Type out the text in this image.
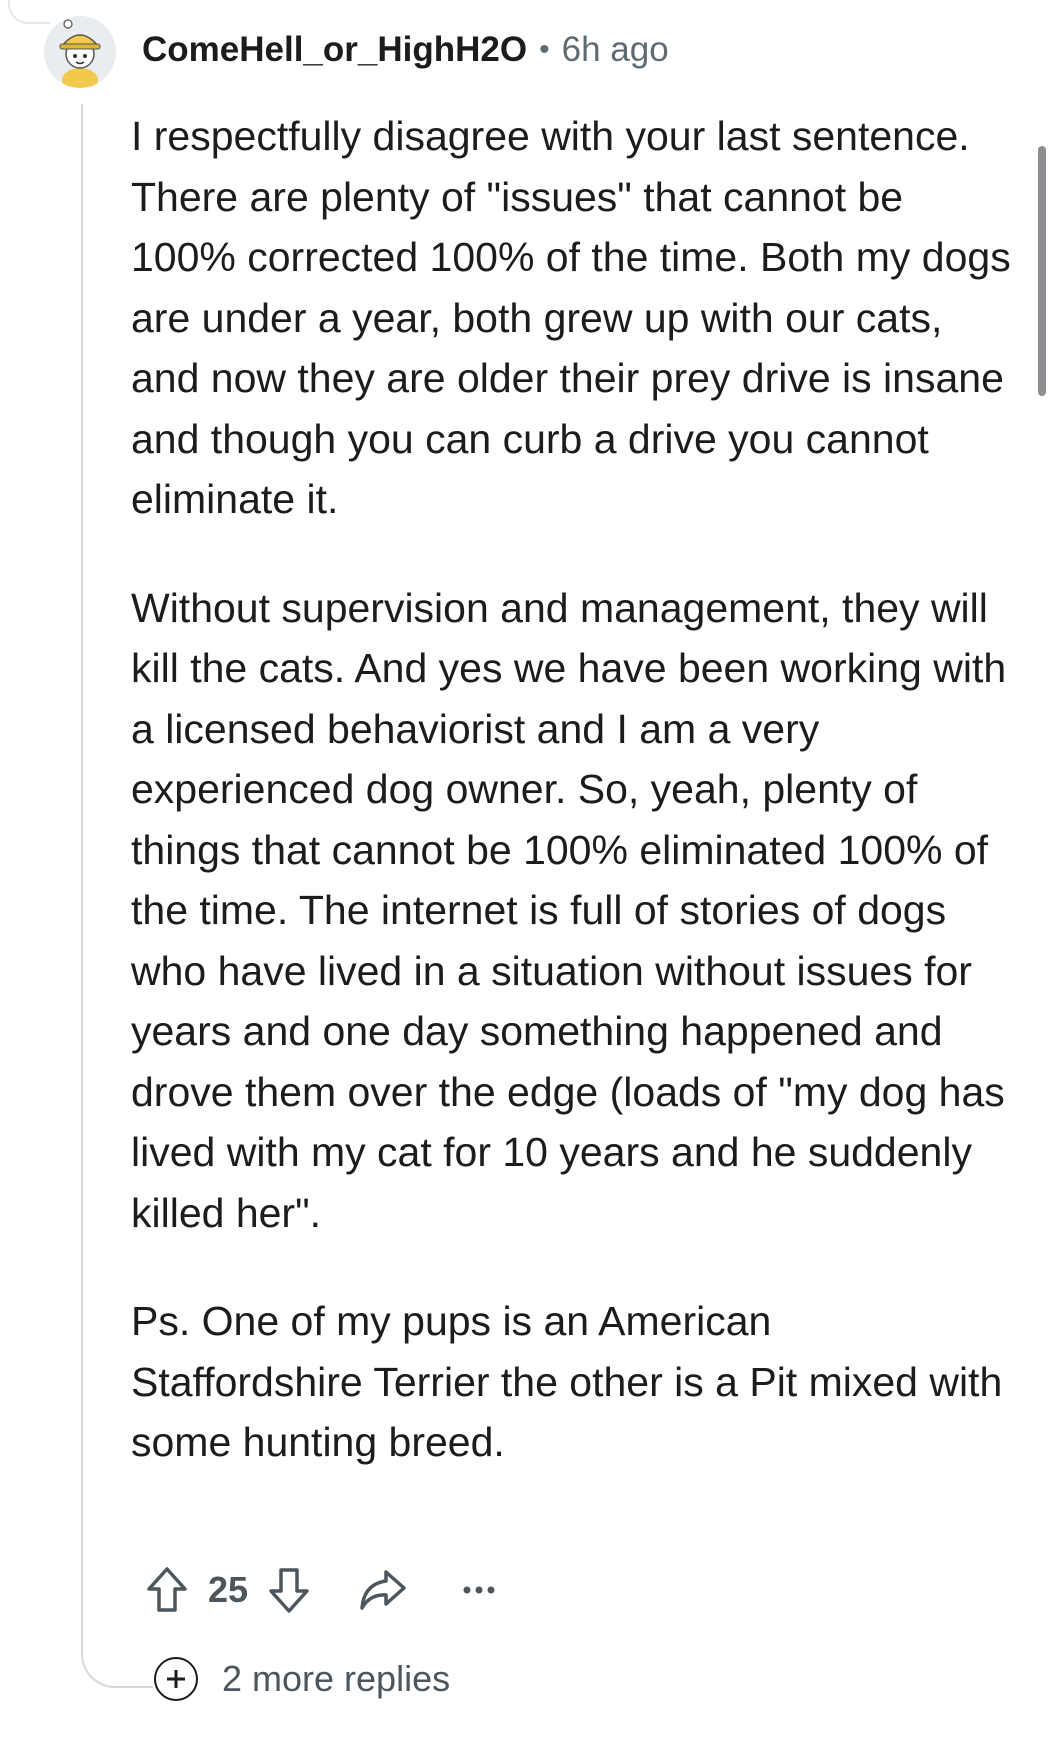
ComeHell_or_HighH2O • 6h ago

I respectfully disagree with your last sentence. There are plenty of "issues" that cannot be 100% corrected 100% of the time. Both my dogs are under a year, both grew up with our cats, and now they are older their prey drive is insane and though you can curb a drive you cannot eliminate it.

Without supervision and management, they will kill the cats. And yes we have been working with a licensed behaviorist and I am a very experienced dog owner. So, yeah, plenty of things that cannot be 100% eliminated 100% of the time. The internet is full of stories of dogs who have lived in a situation without issues for years and one day something happened and drove them over the edge (loads of "my dog has lived with my cat for 10 years and he suddenly killed her".

Ps. One of my pups is an American Staffordshire Terrier the other is a Pit mixed with some hunting breed.

25
2 more replies
